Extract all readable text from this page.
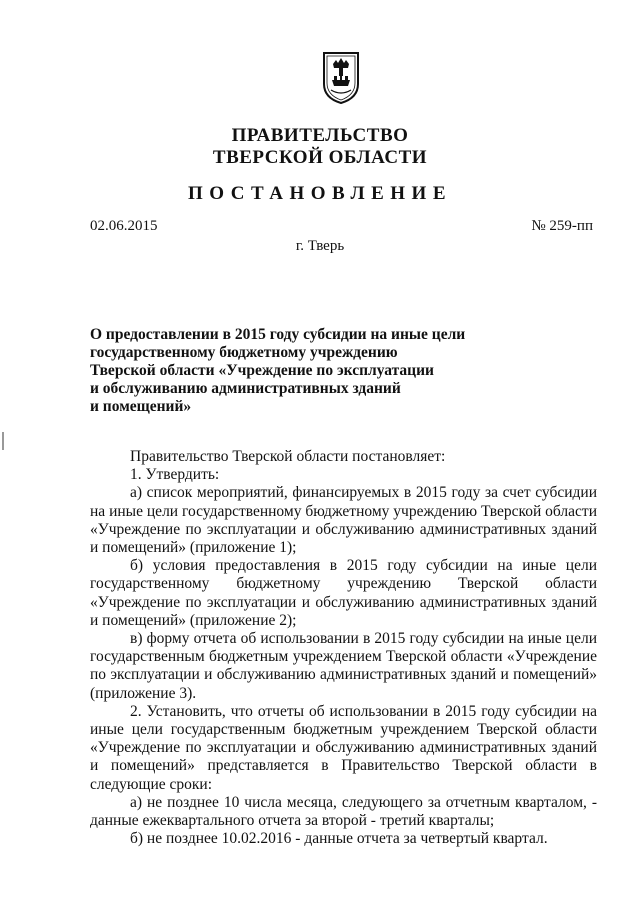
ПРАВИТЕЛЬСТВО
ТВЕРСКОЙ ОБЛАСТИ
ПОСТАНОВЛЕНИЕ
02.06.2015	№ 259-пп
г. Тверь
О предоставлении в 2015 году субсидии на иные цели
государственному бюджетному учреждению
Тверской области «Учреждение по эксплуатации
и обслуживанию административных зданий
и помещений»

Правительство Тверской области постановляет:

1. Утвердить:

а) список мероприятий, финансируемых в 2015 году за счет субсидии на иные цели государственному бюджетному учреждению Тверской области «Учреждение по эксплуатации и обслуживанию административных зданий и помещений» (приложение 1);

б) условия предоставления в 2015 году субсидии на иные цели государственному бюджетному учреждению Тверской области «Учреждение по эксплуатации и обслуживанию административных зданий и помещений» (приложение 2);

в) форму отчета об использовании в 2015 году субсидии на иные цели государственным бюджетным учреждением Тверской области «Учреждение по эксплуатации и обслуживанию административных зданий и помещений» (приложение 3).

2. Установить, что отчеты об использовании в 2015 году субсидии на иные цели государственным бюджетным учреждением Тверской области «Учреждение по эксплуатации и обслуживанию административных зданий и помещений» представляется в Правительство Тверской области в следующие сроки:

а) не позднее 10 числа месяца, следующего за отчетным кварталом, - данные ежеквартального отчета за второй - третий кварталы;

б) не позднее 10.02.2016 - данные отчета за четвертый квартал.
